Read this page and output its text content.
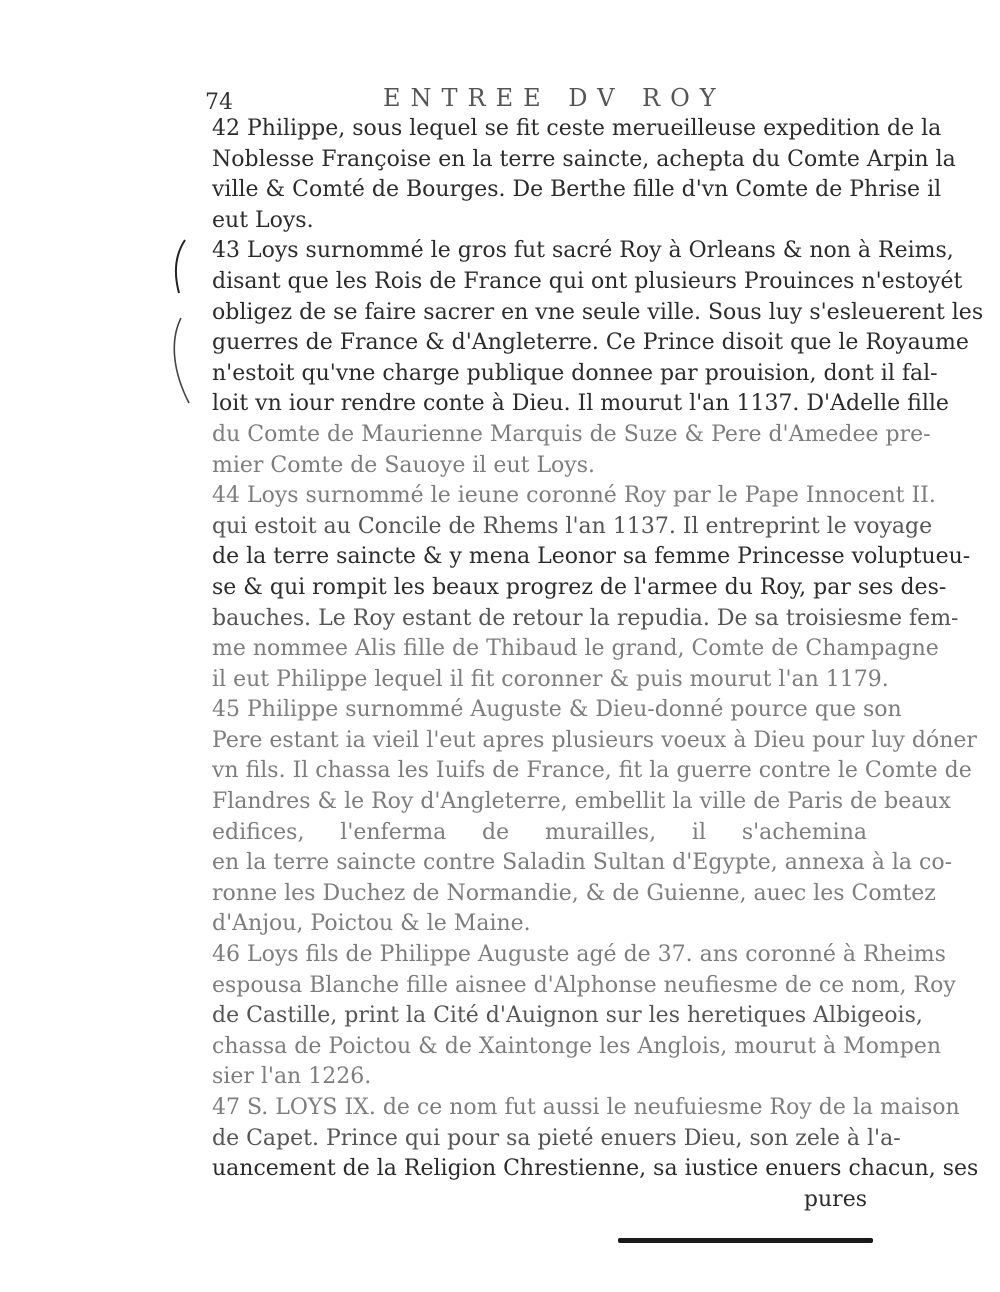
74	ENTREE DV ROY
42 Philippe, sous lequel se fit ceste merueilleuse expedition de la
Noblesse Françoise en la terre saincte, achepta du Comte Arpin la
ville & Comté de Bourges. De Berthe fille d'vn Comte de Phrise il
eut Loys.
43 Loys surnommé le gros fut sacré Roy à Orleans & non à Reims,
disant que les Rois de France qui ont plusieurs Prouinces n'estoyét
obligez de se faire sacrer en vne seule ville. Sous luy s'esleuerent les
guerres de France & d'Angleterre. Ce Prince disoit que le Royaume
n'estoit qu'vne charge publique donnee par prouision, dont il fal-
loit vn iour rendre conte à Dieu. Il mourut l'an 1137. D'Adelle fille
du Comte de Maurienne Marquis de Suze & Pere d'Amedee pre-
mier Comte de Sauoye il eut Loys.
44 Loys surnommé le ieune coronné Roy par le Pape Innocent II.
qui estoit au Concile de Rhems l'an 1137. Il entreprint le voyage
de la terre saincte & y mena Leonor sa femme Princesse voluptueu-
se & qui rompit les beaux progrez de l'armee du Roy, par ses des-
bauches. Le Roy estant de retour la repudia. De sa troisiesme fem-
me nommee Alis fille de Thibaud le grand, Comte de Champagne
il eut Philippe lequel il fit coronner & puis mourut l'an 1179.
45 Philippe surnommé Auguste & Dieu-donné pource que son
Pere estant ia vieil l'eut apres plusieurs voeux à Dieu pour luy dóner
vn fils. Il chassa les Iuifs de France, fit la guerre contre le Comte de
Flandres & le Roy d'Angleterre, embellit la ville de Paris de beaux
edifices, l'enferma de murailles, il s'achemina
en la terre saincte contre Saladin Sultan d'Egypte, annexa à la co-
ronne les Duchez de Normandie, & de Guienne, auec les Comtez
d'Anjou, Poictou & le Maine.
46 Loys fils de Philippe Auguste agé de 37. ans coronné à Rheims
espousa Blanche fille aisnee d'Alphonse neufiesme de ce nom, Roy
de Castille, print la Cité d'Auignon sur les heretiques Albigeois,
chassa de Poictou & de Xaintonge les Anglois, mourut à Mompen
sier l'an 1226.
47 S. LOYS IX. de ce nom fut aussi le neufuiesme Roy de la maison
de Capet. Prince qui pour sa pieté enuers Dieu, son zele à l'a-
uancement de la Religion Chrestienne, sa iustice enuers chacun, ses
pures
